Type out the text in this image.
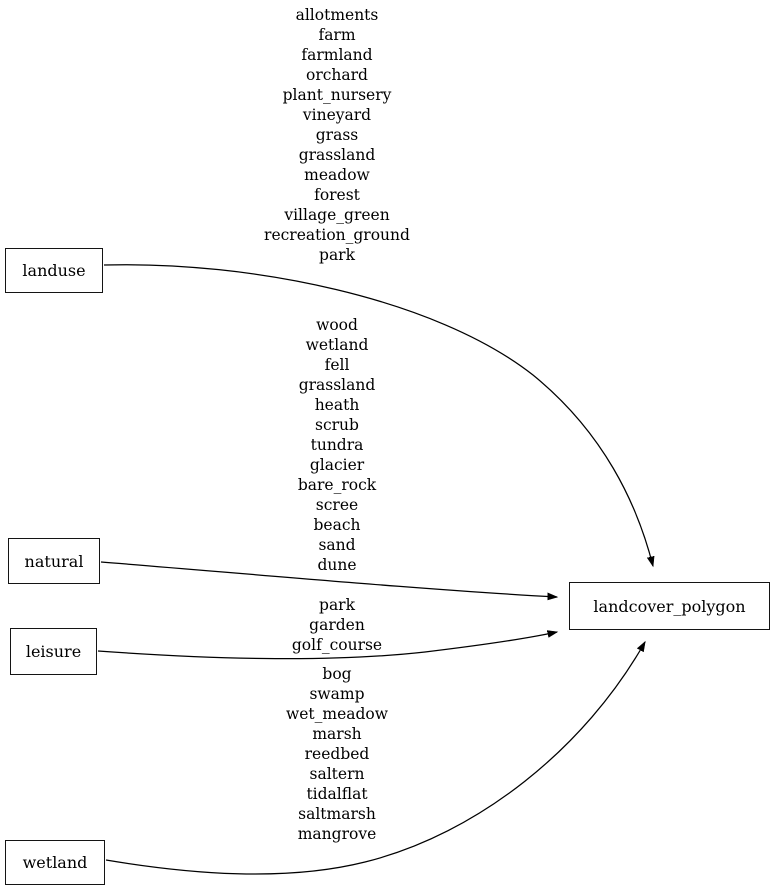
allotments
farm
farmland
orchard
plant_nursery
vineyard
grass
grassland
meadow
forest
village_green
recreation_ground
park
wood
wetland
fell
grassland
heath
scrub
tundra
glacier
bare_rock
scree
beach
sand
dune
park
garden
golf_course
bog
swamp
wet_meadow
marsh
reedbed
saltern
tidalflat
saltmarsh
mangrove
landuse
natural
leisure
wetland
landcover_polygon
